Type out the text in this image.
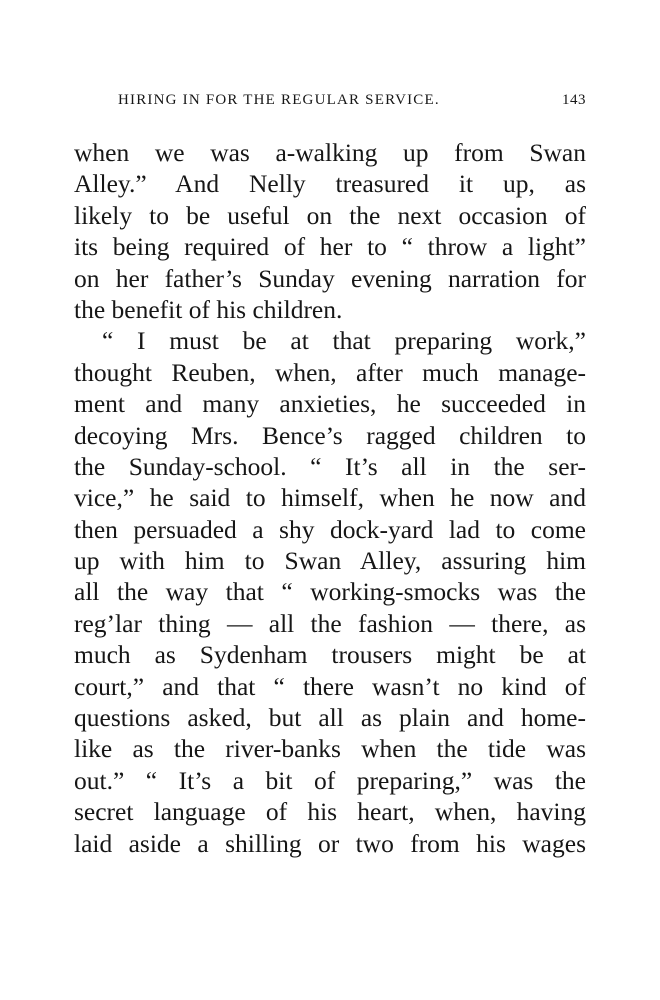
HIRING IN FOR THE REGULAR SERVICE.	143
when we was a-walking up from Swan
Alley.” And Nelly treasured it up, as
likely to be useful on the next occasion of
its being required of her to “ throw a light”
on her father’s Sunday evening narration for
the benefit of his children.
“ I must be at that preparing work,”
thought Reuben, when, after much manage-
ment and many anxieties, he succeeded in
decoying Mrs. Bence’s ragged children to
the Sunday-school. “ It’s all in the ser-
vice,” he said to himself, when he now and
then persuaded a shy dock-yard lad to come
up with him to Swan Alley, assuring him
all the way that “ working-smocks was the
reg’lar thing — all the fashion — there, as
much as Sydenham trousers might be at
court,” and that “ there wasn’t no kind of
questions asked, but all as plain and home-
like as the river-banks when the tide was
out.” “ It’s a bit of preparing,” was the
secret language of his heart, when, having
laid aside a shilling or two from his wages
